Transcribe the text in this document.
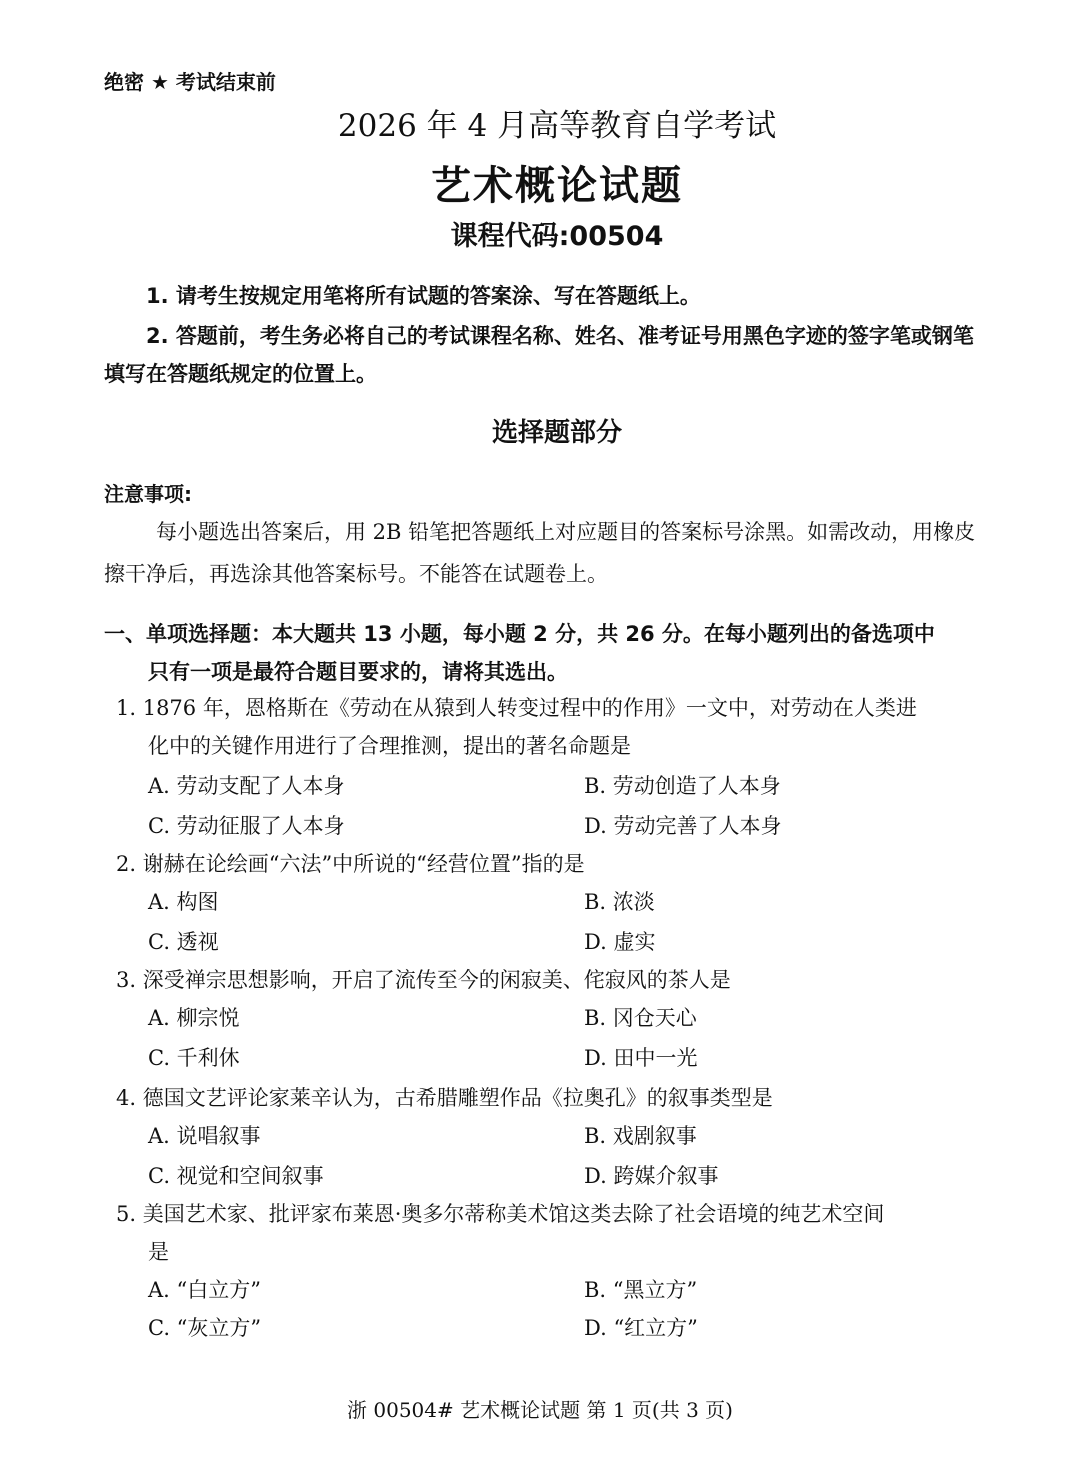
绝密 ★ 考试结束前
2026 年 4 月高等教育自学考试
艺术概论试题
课程代码:00504
1. 请考生按规定用笔将所有试题的答案涂、写在答题纸上。
2. 答题前，考生务必将自己的考试课程名称、姓名、准考证号用黑色字迹的签字笔或钢笔
填写在答题纸规定的位置上。
选择题部分
注意事项:
每小题选出答案后，用 2B 铅笔把答题纸上对应题目的答案标号涂黑。如需改动，用橡皮
擦干净后，再选涂其他答案标号。不能答在试题卷上。
一、单项选择题：本大题共 13 小题，每小题 2 分，共 26 分。在每小题列出的备选项中
只有一项是最符合题目要求的，请将其选出。
1. 1876 年，恩格斯在《劳动在从猿到人转变过程中的作用》一文中，对劳动在人类进
化中的关键作用进行了合理推测，提出的著名命题是
A. 劳动支配了人本身	B. 劳动创造了人本身
C. 劳动征服了人本身	D. 劳动完善了人本身
2. 谢赫在论绘画“六法”中所说的“经营位置”指的是
A. 构图	B. 浓淡
C. 透视	D. 虚实
3. 深受禅宗思想影响，开启了流传至今的闲寂美、侘寂风的茶人是
A. 柳宗悦	B. 冈仓天心
C. 千利休	D. 田中一光
4. 德国文艺评论家莱辛认为，古希腊雕塑作品《拉奥孔》的叙事类型是
A. 说唱叙事	B. 戏剧叙事
C. 视觉和空间叙事	D. 跨媒介叙事
5. 美国艺术家、批评家布莱恩·奥多尔蒂称美术馆这类去除了社会语境的纯艺术空间
是
A. “白立方”	B. “黑立方”
C. “灰立方”	D. “红立方”
浙 00504# 艺术概论试题 第 1 页(共 3 页)
